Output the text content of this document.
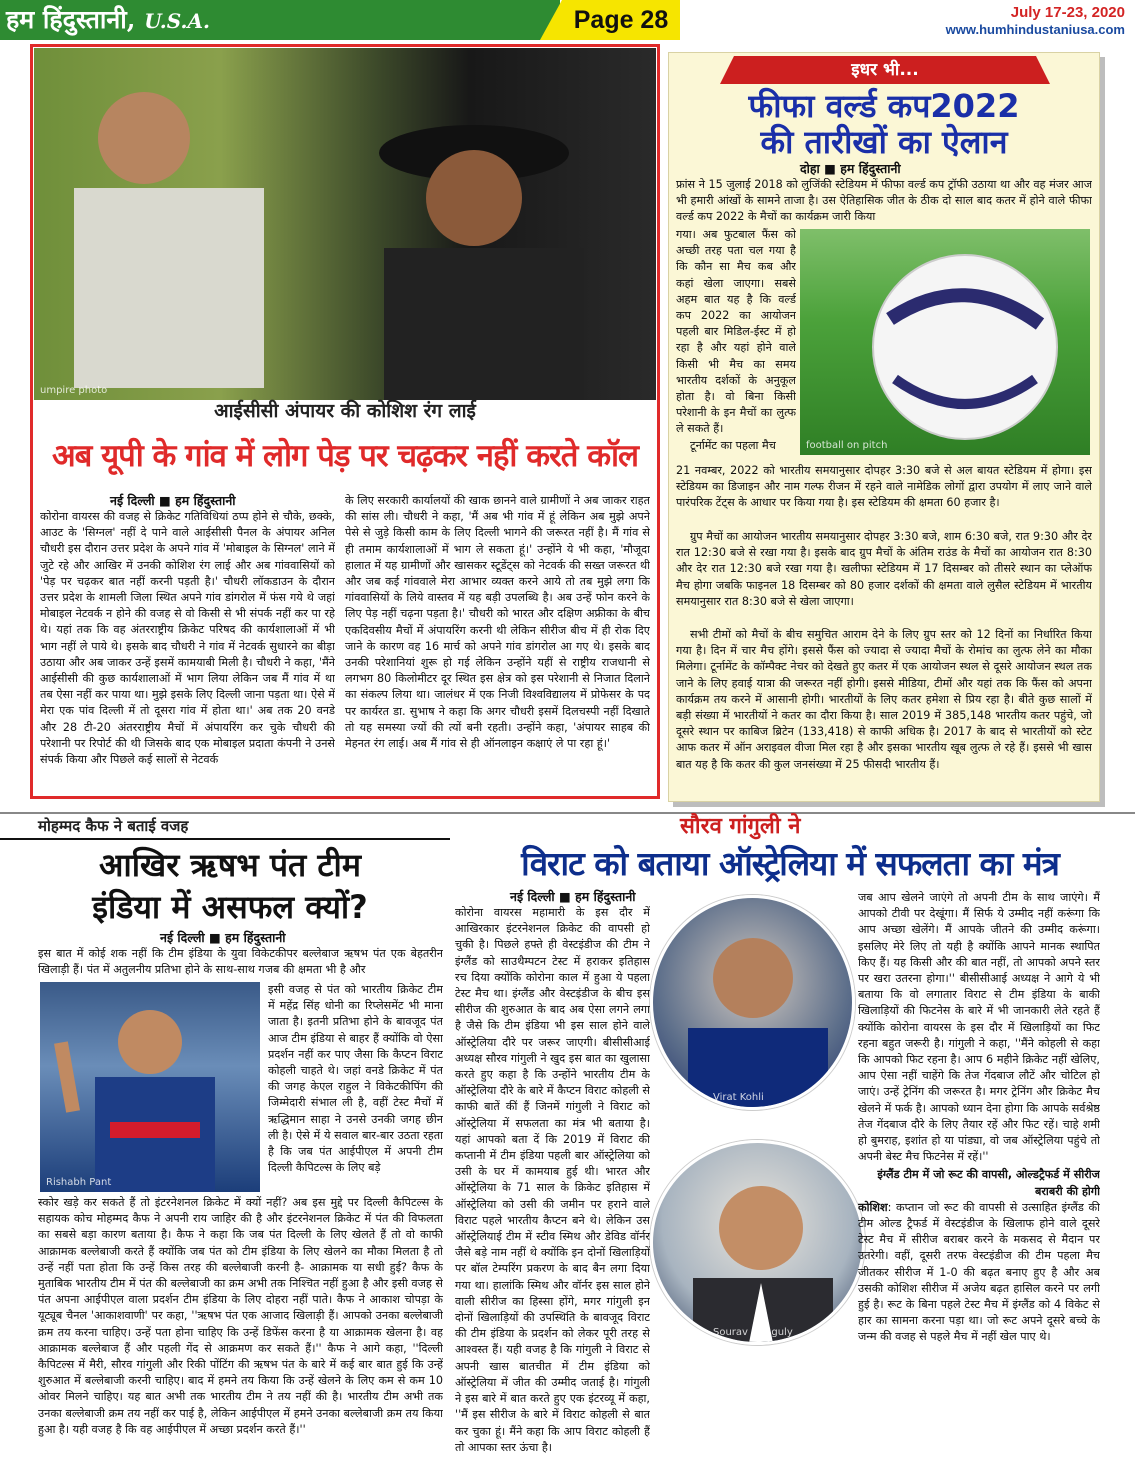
हम हिंदुस्तानी, U.S.A.	Page 28	July 17-23, 2020
www.humhindustaniusa.com
umpire photo
आईसीसी अंपायर की कोशिश रंग लाई
अब यूपी के गांव में लोग पेड़ पर चढ़कर नहीं करते कॉल
नई दिल्ली ■ हम हिंदुस्तानी
कोरोना वायरस की वजह से क्रिकेट गतिविधियां ठप्प होने से चौके, छक्के, आउट के 'सिग्नल' नहीं दे पाने वाले आईसीसी पैनल के अंपायर अनिल चौधरी इस दौरान उत्तर प्रदेश के अपने गांव में 'मोबाइल के सिग्नल' लाने में जुटे रहे और आखिर में उनकी कोशिश रंग लाई और अब गांववासियों को 'पेड़ पर चढ़कर बात नहीं करनी पड़ती है।' चौधरी लॉकडाउन के दौरान उत्तर प्रदेश के शामली जिला स्थित अपने गांव डांगरोल में फंस गये थे जहां मोबाइल नेटवर्क न होने की वजह से वो किसी से भी संपर्क नहीं कर पा रहे थे। यहां तक कि वह अंतरराष्ट्रीय क्रिकेट परिषद की कार्यशालाओं में भी भाग नहीं ले पाये थे। इसके बाद चौधरी ने गांव में नेटवर्क सुधारने का बीड़ा उठाया और अब जाकर उन्हें इसमें कामयाबी मिली है। चौधरी ने कहा, 'मैंने आईसीसी की कुछ कार्यशालाओं में भाग लिया लेकिन जब मैं गांव में था तब ऐसा नहीं कर पाया था। मुझे इसके लिए दिल्ली जाना पड़ता था। ऐसे में मेरा एक पांव दिल्ली में तो दूसरा गांव में होता था।' अब तक 20 वनडे और 28 टी-20 अंतरराष्ट्रीय मैचों में अंपायरिंग कर चुके चौधरी की परेशानी पर रिपोर्ट की थी जिसके बाद एक मोबाइल प्रदाता कंपनी ने उनसे संपर्क किया और पिछले कई सालों से नेटवर्क
के लिए सरकारी कार्यालयों की खाक छानने वाले ग्रामीणों ने अब जाकर राहत की सांस ली। चौधरी ने कहा, 'मैं अब भी गांव में हूं लेकिन अब मुझे अपने पेसे से जुड़े किसी काम के लिए दिल्ली भागने की जरूरत नहीं है। मैं गांव से ही तमाम कार्यशालाओं में भाग ले सकता हूं।' उन्होंने ये भी कहा, 'मौजूदा हालात में यह ग्रामीणों और खासकर स्टूडेंट्स को नेटवर्क की सख्त जरूरत थी और जब कई गांववाले मेरा आभार व्यक्त करने आये तो तब मुझे लगा कि गांववासियों के लिये वास्तव में यह बड़ी उपलब्धि है। अब उन्हें फोन करने के लिए पेड़ नहीं चढ़ना पड़ता है।' चौधरी को भारत और दक्षिण अफ्रीका के बीच एकदिवसीय मैचों में अंपायरिंग करनी थी लेकिन सीरीज बीच में ही रोक दिए जाने के कारण वह 16 मार्च को अपने गांव डांगरोल आ गए थे। इसके बाद उनकी परेशानियां शुरू हो गई लेकिन उन्होंने यहीं से राष्ट्रीय राजधानी से लगभग 80 किलोमीटर दूर स्थित इस क्षेत्र को इस परेशानी से निजात दिलाने का संकल्प लिया था। जालंधर में एक निजी विश्वविद्यालय में प्रोफेसर के पद पर कार्यरत डा. सुभाष ने कहा कि अगर चौधरी इसमें दिलचस्पी नहीं दिखाते तो यह समस्या ज्यों की त्यों बनी रहती। उन्होंने कहा, 'अंपायर साहब की मेहनत रंग लाई। अब मैं गांव से ही ऑनलाइन कक्षाएं ले पा रहा हूं।'
इधर भी...
फीफा वर्ल्ड कप2022
की तारीखों का ऐलान
दोहा ■ हम हिंदुस्तानी
फ्रांस ने 15 जुलाई 2018 को लुजिंकी स्टेडियम में फीफा वर्ल्ड कप ट्रॉफी उठाया था और वह मंजर आज भी हमारी आंखों के सामने ताजा है। उस ऐतिहासिक जीत के ठीक दो साल बाद कतर में होने वाले फीफा वर्ल्ड कप 2022 के मैचों का कार्यक्रम जारी किया

गया। अब फुटबाल फैंस को अच्छी तरह पता चल गया है कि कौन सा मैच कब और कहां खेला जाएगा। सबसे अहम बात यह है कि वर्ल्ड कप 2022 का आयोजन पहली बार मिडिल-ईस्ट में हो रहा है और यहां होने वाले किसी भी मैच का समय भारतीय दर्शकों के अनुकूल होता है। वो बिना किसी परेशानी के इन मैचों का लुत्फ ले सकते हैं।

टूर्नामेंट का पहला मैच	football on pitch
21 नवम्बर, 2022 को भारतीय समयानुसार दोपहर 3:30 बजे से अल बायत स्टेडियम में होगा। इस स्टेडियम का डिजाइन और नाम गल्फ रीजन में रहने वाले नामेडिक लोगों द्वारा उपयोग में लाए जाने वाले पारंपरिक टेंट्स के आधार पर किया गया है। इस स्टेडियम की क्षमता 60 हजार है।
ग्रुप मैचों का आयोजन भारतीय समयानुसार दोपहर 3:30 बजे, शाम 6:30 बजे, रात 9:30 और देर रात 12:30 बजे से रखा गया है। इसके बाद ग्रुप मैचों के अंतिम राउंड के मैचों का आयोजन रात 8:30 और देर रात 12:30 बजे रखा गया है। खलीफा स्टेडियम में 17 दिसम्बर को तीसरे स्थान का प्लेऑफ मैच होगा जबकि फाइनल 18 दिसम्बर को 80 हजार दर्शकों की क्षमता वाले लुसैल स्टेडियम में भारतीय समयानुसार रात 8:30 बजे से खेला जाएगा।
सभी टीमों को मैचों के बीच समुचित आराम देने के लिए ग्रुप स्तर को 12 दिनों का निर्धारित किया गया है। दिन में चार मैच होंगे। इससे फैंस को ज्यादा से ज्यादा मैचों के रोमांच का लुत्फ लेने का मौका मिलेगा। टूर्नामेंट के कॉम्पैक्ट नेचर को देखते हुए कतर में एक आयोजन स्थल से दूसरे आयोजन स्थल तक जाने के लिए हवाई यात्रा की जरूरत नहीं होगी। इससे मीडिया, टीमों और यहां तक कि फैंस को अपना कार्यक्रम तय करने में आसानी होगी। भारतीयों के लिए कतर हमेशा से प्रिय रहा है। बीते कुछ सालों में बड़ी संख्या में भारतीयों ने कतर का दौरा किया है। साल 2019 में 385,148 भारतीय कतर पहुंचे, जो दूसरे स्थान पर काबिज ब्रिटेन (133,418) से काफी अधिक है। 2017 के बाद से भारतीयों को स्टेट आफ कतर में ऑन अराइवल वीजा मिल रहा है और इसका भारतीय खूब लुत्फ ले रहे हैं। इससे भी खास बात यह है कि कतर की कुल जनसंख्या में 25 फीसदी भारतीय हैं।
मोहम्मद कैफ ने बताई वजह
आखिर ऋषभ पंत टीम
इंडिया में असफल क्यों?
नई दिल्ली ■ हम हिंदुस्तानी
इस बात में कोई शक नहीं कि टीम इंडिया के युवा विकेटकीपर बल्लेबाज ऋषभ पंत एक बेहतरीन खिलाड़ी हैं। पंत में अतुलनीय प्रतिभा होने के साथ-साथ गजब की क्षमता भी है और
Rishabh Pant
इसी वजह से पंत को भारतीय क्रिकेट टीम में महेंद्र सिंह धोनी का रिप्लेसमेंट भी माना जाता है। इतनी प्रतिभा होने के बावजूद पंत आज टीम इंडिया से बाहर हैं क्योंकि वो ऐसा प्रदर्शन नहीं कर पाए जैसा कि कैप्टन विराट कोहली चाहते थे। जहां वनडे क्रिकेट में पंत की जगह केएल राहुल ने विकेटकीपिंग की जिम्मेदारी संभाल ली है, वहीं टेस्ट मैचों में ऋद्धिमान साहा ने उनसे उनकी जगह छीन ली है। ऐसे में ये सवाल बार-बार उठता रहता है कि जब पंत आईपीएल में अपनी टीम दिल्ली कैपिटल्स के लिए बड़े
स्कोर खड़े कर सकते हैं तो इंटरनेशनल क्रिकेट में क्यों नहीं? अब इस मुद्दे पर दिल्ली कैपिटल्स के सहायक कोच मोहम्मद कैफ ने अपनी राय जाहिर की है और इंटरनेशनल क्रिकेट में पंत की विफलता का सबसे बड़ा कारण बताया है। कैफ ने कहा कि जब पंत दिल्ली के लिए खेलते हैं तो वो काफी आक्रामक बल्लेबाजी करते हैं क्योंकि जब पंत को टीम इंडिया के लिए खेलने का मौका मिलता है तो उन्हें नहीं पता होता कि उन्हें किस तरह की बल्लेबाजी करनी है- आक्रामक या सधी हुई? कैफ के मुताबिक भारतीय टीम में पंत की बल्लेबाजी का क्रम अभी तक निश्चित नहीं हुआ है और इसी वजह से पंत अपना आईपीएल वाला प्रदर्शन टीम इंडिया के लिए दोहरा नहीं पाते। कैफ ने आकाश चोपड़ा के यूट्यूब चैनल 'आकाशवाणी' पर कहा, ''ऋषभ पंत एक आजाद खिलाड़ी हैं। आपको उनका बल्लेबाजी क्रम तय करना चाहिए। उन्हें पता होना चाहिए कि उन्हें डिफेंस करना है या आक्रामक खेलना है। वह आक्रामक बल्लेबाज हैं और पहली गेंद से आक्रमण कर सकते हैं।'' कैफ ने आगे कहा, ''दिल्ली कैपिटल्स में मैरी, सौरव गांगुली और रिकी पोंटिंग की ऋषभ पंत के बारे में कई बार बात हुई कि उन्हें शुरुआत में बल्लेबाजी करनी चाहिए। बाद में हमने तय किया कि उन्हें खेलने के लिए कम से कम 10 ओवर मिलने चाहिए। यह बात अभी तक भारतीय टीम ने तय नहीं की है। भारतीय टीम अभी तक उनका बल्लेबाजी क्रम तय नहीं कर पाई है, लेकिन आईपीएल में हमने उनका बल्लेबाजी क्रम तय किया हुआ है। यही वजह है कि वह आईपीएल में अच्छा प्रदर्शन करते हैं।''
सौरव गांगुली ने
विराट को बताया ऑस्ट्रेलिया में सफलता का मंत्र
नई दिल्ली ■ हम हिंदुस्तानी
Virat Kohli
Sourav Ganguly
कोरोना वायरस महामारी के इस दौर में आखिरकार इंटरनेशनल क्रिकेट की वापसी हो चुकी है। पिछले हफ्ते ही वेस्टइंडीज की टीम ने इंग्लैंड को साउथैम्पटन टेस्ट में हराकर इतिहास रच दिया क्योंकि कोरोना काल में हुआ ये पहला टेस्ट मैच था। इंग्लैंड और वेस्टइंडीज के बीच इस सीरीज की शुरुआत के बाद अब ऐसा लगने लगा है जैसे कि टीम इंडिया भी इस साल होने वाले ऑस्ट्रेलिया दौरे पर जरूर जाएगी। बीसीसीआई अध्यक्ष सौरव गांगुली ने खुद इस बात का खुलासा करते हुए कहा है कि उन्होंने भारतीय टीम के ऑस्ट्रेलिया दौरे के बारे में कैप्टन विराट कोहली से काफी बातें कीं हैं जिनमें गांगुली ने विराट को ऑस्ट्रेलिया में सफलता का मंत्र भी बताया है। यहां आपको बता दें कि 2019 में विराट की कप्तानी में टीम इंडिया पहली बार ऑस्ट्रेलिया को उसी के घर में कामयाब हुई थी। भारत और ऑस्ट्रेलिया के 71 साल के क्रिकेट इतिहास में ऑस्ट्रेलिया को उसी की जमीन पर हराने वाले विराट पहले भारतीय कैप्टन बने थे। लेकिन उस ऑस्ट्रेलियाई टीम में स्टीव स्मिथ और डेविड वॉर्नर जैसे बड़े नाम नहीं थे क्योंकि इन दोनों खिलाड़ियों पर बॉल टेम्परिंग प्रकरण के बाद बैन लगा दिया गया था। हालांकि स्मिथ और वॉर्नर इस साल होने वाली सीरीज का हिस्सा होंगे, मगर गांगुली इन दोनों खिलाड़ियों की उपस्थिति के बावजूद विराट की टीम इंडिया के प्रदर्शन को लेकर पूरी तरह से आश्वस्त हैं। यही वजह है कि गांगुली ने विराट से अपनी खास बातचीत में टीम इंडिया को ऑस्ट्रेलिया में जीत की उम्मीद जताई है। गांगुली ने इस बारे में बात करते हुए एक इंटरव्यू में कहा, ''मैं इस सीरीज के बारे में विराट कोहली से बात कर चुका हूं। मैंने कहा कि आप विराट कोहली हैं तो आपका स्तर ऊंचा है।

जब आप खेलने जाएंगे तो अपनी टीम के साथ जाएंगे। मैं आपको टीवी पर देखूंगा। मैं सिर्फ ये उम्मीद नहीं करूंगा कि आप अच्छा खेलेंगे। मैं आपके जीतने की उम्मीद करूंगा। इसलिए मेरे लिए तो यही है क्योंकि आपने मानक स्थापित किए हैं। यह किसी और की बात नहीं, तो आपको अपने स्तर पर खरा उतरना होगा।'' बीसीसीआई अध्यक्ष ने आगे ये भी बताया कि वो लगातार विराट से टीम इंडिया के बाकी खिलाड़ियों की फिटनेस के बारे में भी जानकारी लेते रहते हैं क्योंकि कोरोना वायरस के इस दौर में खिलाड़ियों का फिट रहना बहुत जरूरी है। गांगुली ने कहा, ''मैंने कोहली से कहा कि आपको फिट रहना है। आप 6 महीने क्रिकेट नहीं खेलिए, आप ऐसा नहीं चाहेंगे कि तेज गेंदबाज लौटें और चोटिल हो जाएं। उन्हें ट्रेनिंग की जरूरत है। मगर ट्रेनिंग और क्रिकेट मैच खेलने में फर्क है। आपको ध्यान देना होगा कि आपके सर्वश्रेष्ठ तेज गेंदबाज दौरे के लिए तैयार रहें और फिट रहें। चाहे शमी हो बुमराह, इशांत हो या पांड्या, वो जब ऑस्ट्रेलिया पहुंचे तो अपनी बेस्ट मैच फिटनेस में रहें।''

इंग्लैंड टीम में जो रूट की वापसी, ओल्डट्रैफर्ड में सीरीज बराबरी की होगी

कोशिश: कप्तान जो रूट की वापसी से उत्साहित इंग्लैंड की टीम ओल्ड ट्रैफर्ड में वेस्टइंडीज के खिलाफ होने वाले दूसरे टेस्ट मैच में सीरीज बराबर करने के मकसद से मैदान पर उतरेगी। वहीं, दूसरी तरफ वेस्टइंडीज की टीम पहला मैच जीतकर सीरीज में 1-0 की बढ़त बनाए हुए है और अब उसकी कोशिश सीरीज में अजेय बढ़त हासिल करने पर लगी हुई है। रूट के बिना पहले टेस्ट मैच में इंग्लैंड को 4 विकेट से हार का सामना करना पड़ा था। जो रूट अपने दूसरे बच्चे के जन्म की वजह से पहले मैच में नहीं खेल पाए थे।
